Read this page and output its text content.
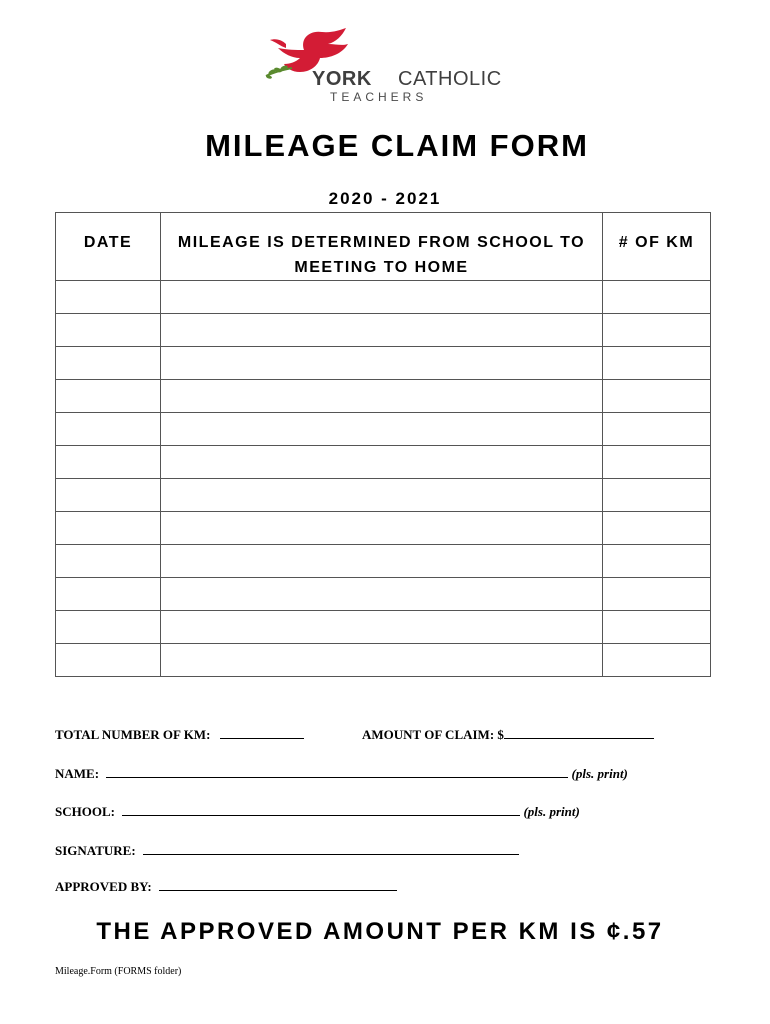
YORK CATHOLIC
TEACHERS
MILEAGE CLAIM FORM
2020 - 2021
DATE	MILEAGE IS DETERMINED FROM SCHOOL TO MEETING TO HOME	# OF KM

TOTAL NUMBER OF KM:	AMOUNT OF CLAIM: $
NAME:	(pls. print)
SCHOOL:	(pls. print)
SIGNATURE:
APPROVED BY:
THE APPROVED AMOUNT PER KM IS ¢.57
Mileage.Form (FORMS folder)
